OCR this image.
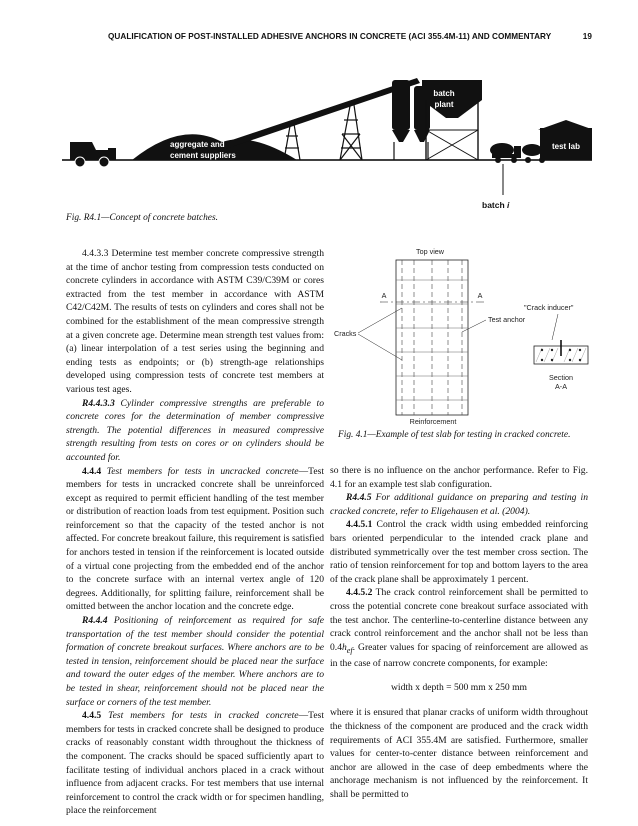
QUALIFICATION OF POST-INSTALLED ADHESIVE ANCHORS IN CONCRETE (ACI 355.4M-11) AND COMMENTARY	19
batch
plant
test lab
aggregate and
cement suppliers
batch i
Fig. R4.1—Concept of concrete batches.

4.4.3.3 Determine test member concrete compressive strength at the time of anchor testing from compression tests conducted on concrete cylinders in accordance with ASTM C39/C39M or cores extracted from the test member in accordance with ASTM C42/C42M. The results of tests on cylinders and cores shall not be combined for the establishment of the mean compressive strength at a given concrete age. Determine mean strength test values from: (a) linear interpolation of a test series using the beginning and ending tests as endpoints; or (b) strength-age relationships developed using compression tests of concrete test members at various test ages.

R4.4.3.3 Cylinder compressive strengths are preferable to concrete cores for the determination of member compressive strength. The potential differences in measured compressive strength resulting from tests on cores or on cylinders should be accounted for.

4.4.4 Test members for tests in uncracked concrete—Test members for tests in uncracked concrete shall be unreinforced except as required to permit efficient handling of the test member or distribution of reaction loads from test equipment. Position such reinforcement so that the capacity of the tested anchor is not affected. For concrete breakout failure, this requirement is satisfied for anchors tested in tension if the reinforcement is located outside of a virtual cone projecting from the embedded end of the anchor to the concrete surface with an internal vertex angle of 120 degrees. Additionally, for splitting failure, reinforcement shall be omitted between the anchor location and the concrete edge.

R4.4.4 Positioning of reinforcement as required for safe transportation of the test member should consider the potential formation of concrete breakout surfaces. Where anchors are to be tested in tension, reinforcement should be placed near the surface and toward the outer edges of the member. Where anchors are to be tested in shear, reinforcement should not be placed near the surface or corners of the test member.

4.4.5 Test members for tests in cracked concrete—Test members for tests in cracked concrete shall be designed to produce cracks of reasonably constant width throughout the thickness of the component. The cracks should be spaced sufficiently apart to facilitate testing of individual anchors placed in a crack without influence from adjacent cracks. For test members that use internal reinforcement to control the crack width or for specimen handling, place the reinforcement

Top view
A	A
Cracks
Test anchor
"Crack inducer"
Section
A-A
Reinforcement
Fig. 4.1—Example of test slab for testing in cracked concrete.

so there is no influence on the anchor performance. Refer to Fig. 4.1 for an example test slab configuration.

R4.4.5 For additional guidance on preparing and testing in cracked concrete, refer to Eligehausen et al. (2004).

4.4.5.1 Control the crack width using embedded reinforcing bars oriented perpendicular to the intended crack plane and distributed symmetrically over the test member cross section. The ratio of tension reinforcement for top and bottom layers to the area of the crack plane shall be approximately 1 percent.

4.4.5.2 The crack control reinforcement shall be permitted to cross the potential concrete cone breakout surface associated with the test anchor. The centerline-to-centerline distance between any crack control reinforcement and the anchor shall not be less than $0.4h_{ef}$. Greater values for spacing of reinforcement are allowed as in the case of narrow concrete components, for example:

width x depth = 500 mm x 250 mm

where it is ensured that planar cracks of uniform width throughout the thickness of the component are produced and the crack width requirements of ACI 355.4M are satisfied. Furthermore, smaller values for center-to-center distance between reinforcement and anchor are allowed in the case of deep embedments where the anchorage mechanism is not influenced by the reinforcement. It shall be permitted to
